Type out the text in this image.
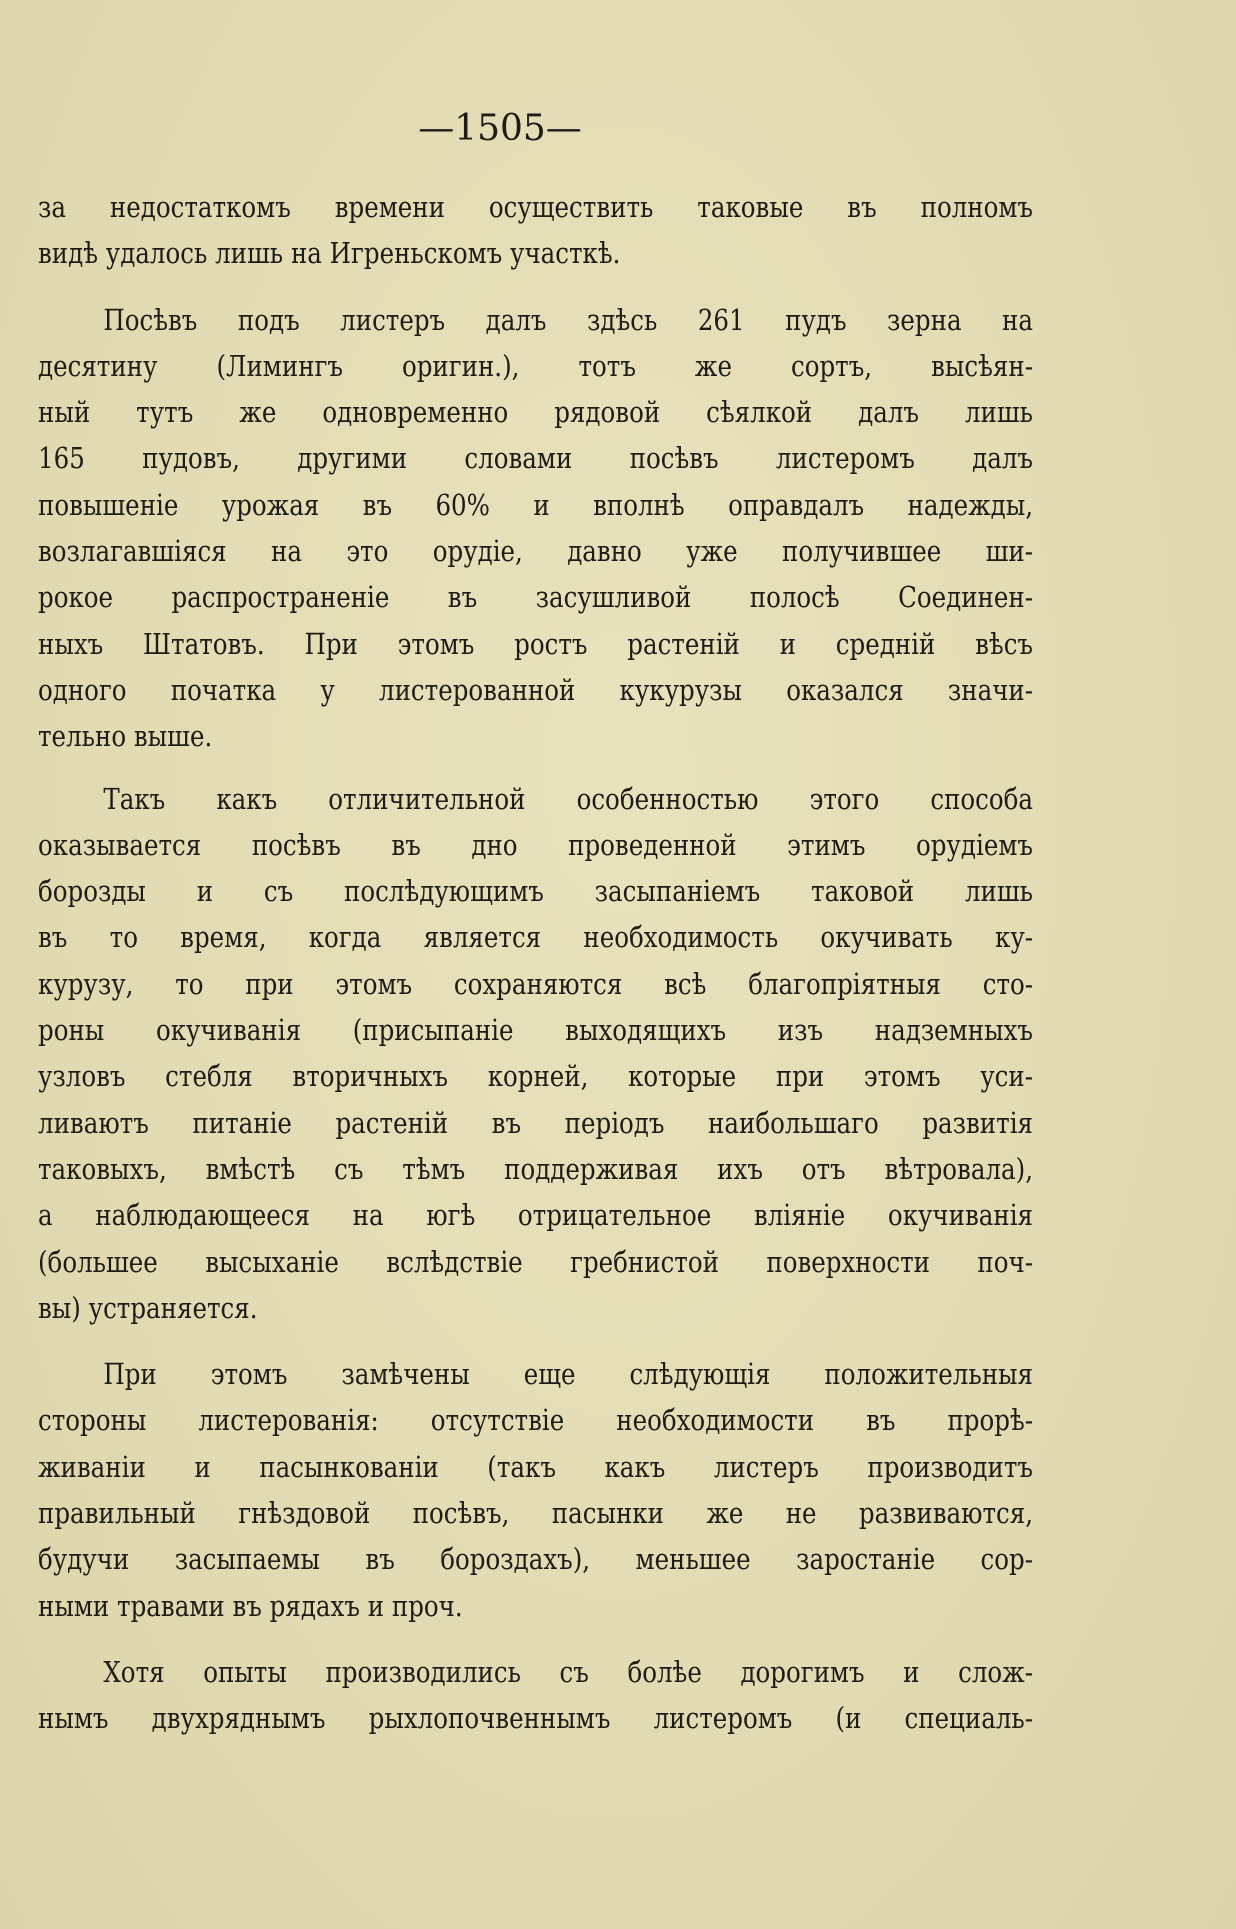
—1505—
за недостаткомъ времени осуществить таковые въ полномъ
видѣ удалось лишь на Игреньскомъ участкѣ.
Посѣвъ подъ листеръ далъ здѣсь 261 пудъ зерна на
десятину (Лимингъ оригин.), тотъ же сортъ, высѣян-
ный тутъ же одновременно рядовой сѣялкой далъ лишь
165 пудовъ, другими словами посѣвъ листеромъ далъ
повышеніе урожая въ 60% и вполнѣ оправдалъ надежды,
возлагавшіяся на это орудіе, давно уже получившее ши-
рокое распространеніе въ засушливой полосѣ Соединен-
ныхъ Штатовъ. При этомъ ростъ растеній и средній вѣсъ
одного початка у листерованной кукурузы оказался значи-
тельно выше.
Такъ какъ отличительной особенностью этого способа
оказывается посѣвъ въ дно проведенной этимъ орудіемъ
борозды и съ послѣдующимъ засыпаніемъ таковой лишь
въ то время, когда является необходимость окучивать ку-
курузу, то при этомъ сохраняются всѣ благопріятныя сто-
роны окучиванія (присыпаніе выходящихъ изъ надземныхъ
узловъ стебля вторичныхъ корней, которые при этомъ уси-
ливаютъ питаніе растеній въ періодъ наибольшаго развитія
таковыхъ, вмѣстѣ съ тѣмъ поддерживая ихъ отъ вѣтровала),
а наблюдающееся на югѣ отрицательное вліяніе окучиванія
(большее высыханіе вслѣдствіе гребнистой поверхности поч-
вы) устраняется.
При этомъ замѣчены еще слѣдующія положительныя
стороны листерованія: отсутствіе необходимости въ прорѣ-
живаніи и пасынкованіи (такъ какъ листеръ производитъ
правильный гнѣздовой посѣвъ, пасынки же не развиваются,
будучи засыпаемы въ бороздахъ), меньшее заростаніе сор-
ными травами въ рядахъ и проч.
Хотя опыты производились съ болѣе дорогимъ и слож-
нымъ двухряднымъ рыхлопочвеннымъ листеромъ (и специаль-
